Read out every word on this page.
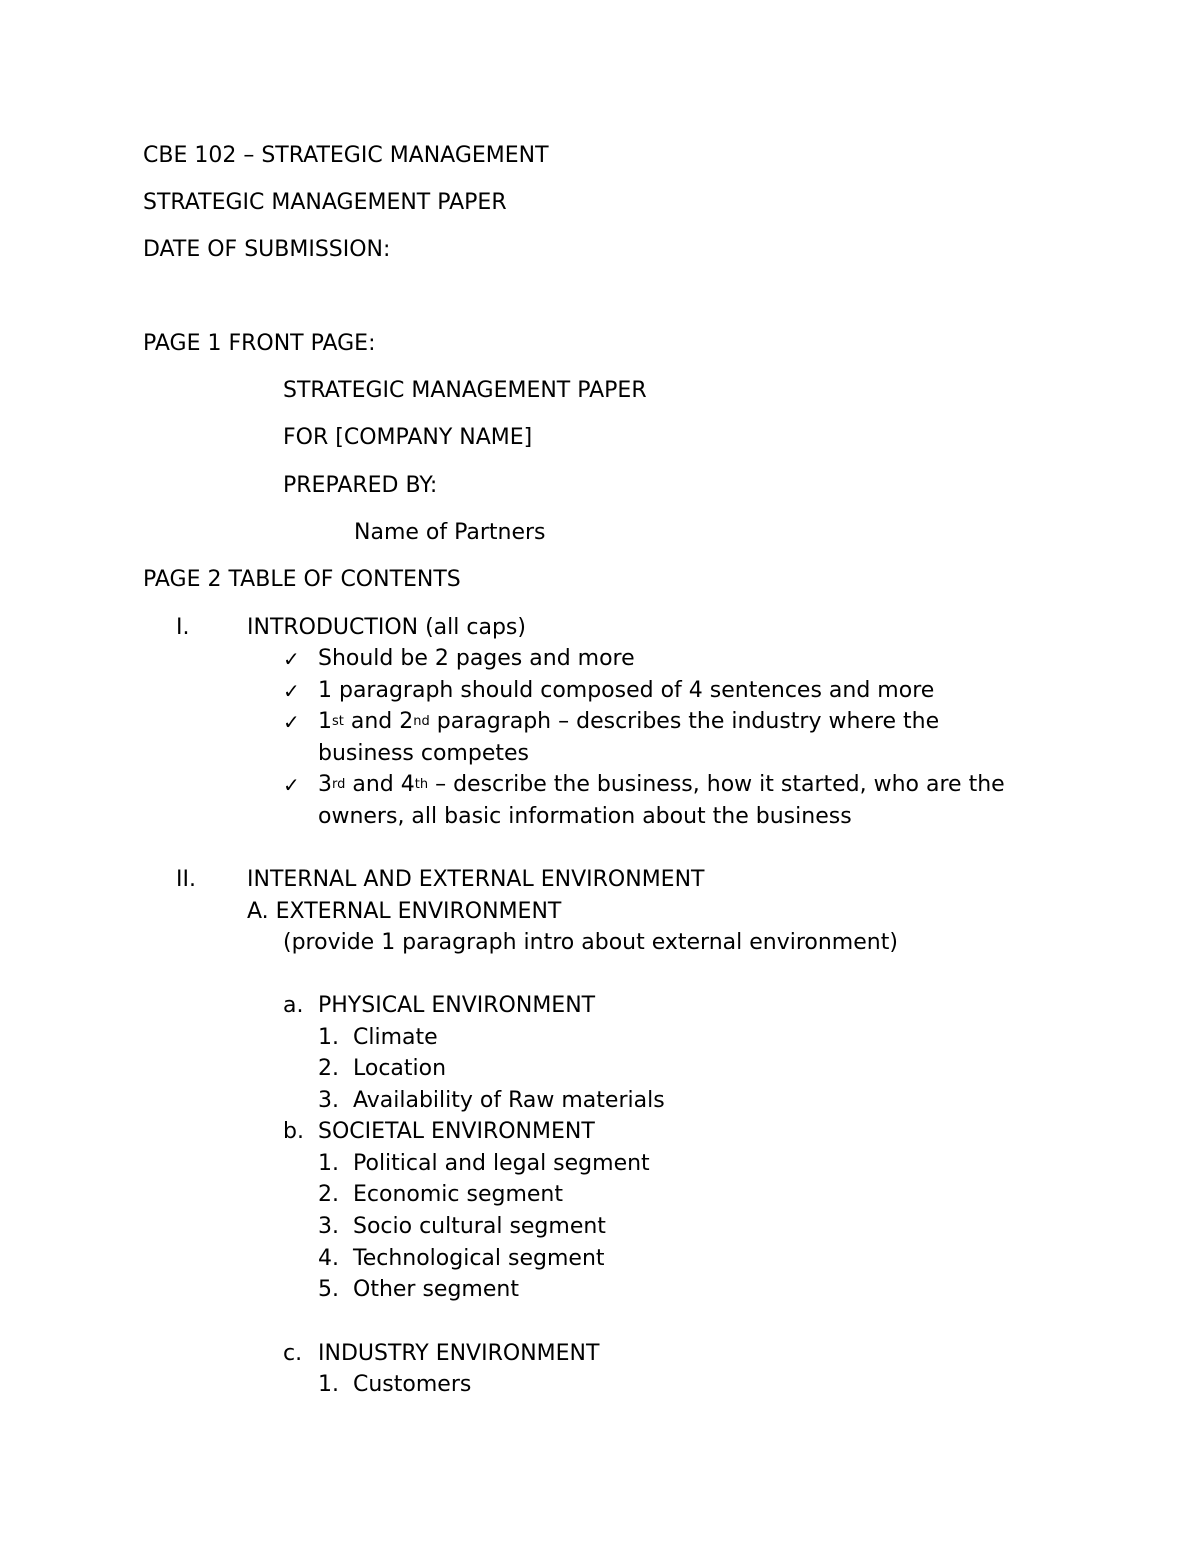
CBE 102 – STRATEGIC MANAGEMENT
STRATEGIC MANAGEMENT PAPER
DATE OF SUBMISSION:
PAGE 1 FRONT PAGE:
STRATEGIC MANAGEMENT PAPER
FOR [COMPANY NAME]
PREPARED BY:
Name of Partners
PAGE 2 TABLE OF CONTENTS
I.	INTRODUCTION (all caps)
✓ Should be 2 pages and more
✓ 1 paragraph should composed of 4 sentences and more
✓ 1st and 2nd paragraph – describes the industry where the
business competes
✓ 3rd and 4th – describe the business, how it started, who are the
owners, all basic information about the business
II. INTERNAL AND EXTERNAL ENVIRONMENT
A. EXTERNAL ENVIRONMENT
(provide 1 paragraph intro about external environment)
a. PHYSICAL ENVIRONMENT
1. Climate
2. Location
3. Availability of Raw materials
b. SOCIETAL ENVIRONMENT
1. Political and legal segment
2. Economic segment
3. Socio cultural segment
4. Technological segment
5. Other segment
c. INDUSTRY ENVIRONMENT
1. Customers
